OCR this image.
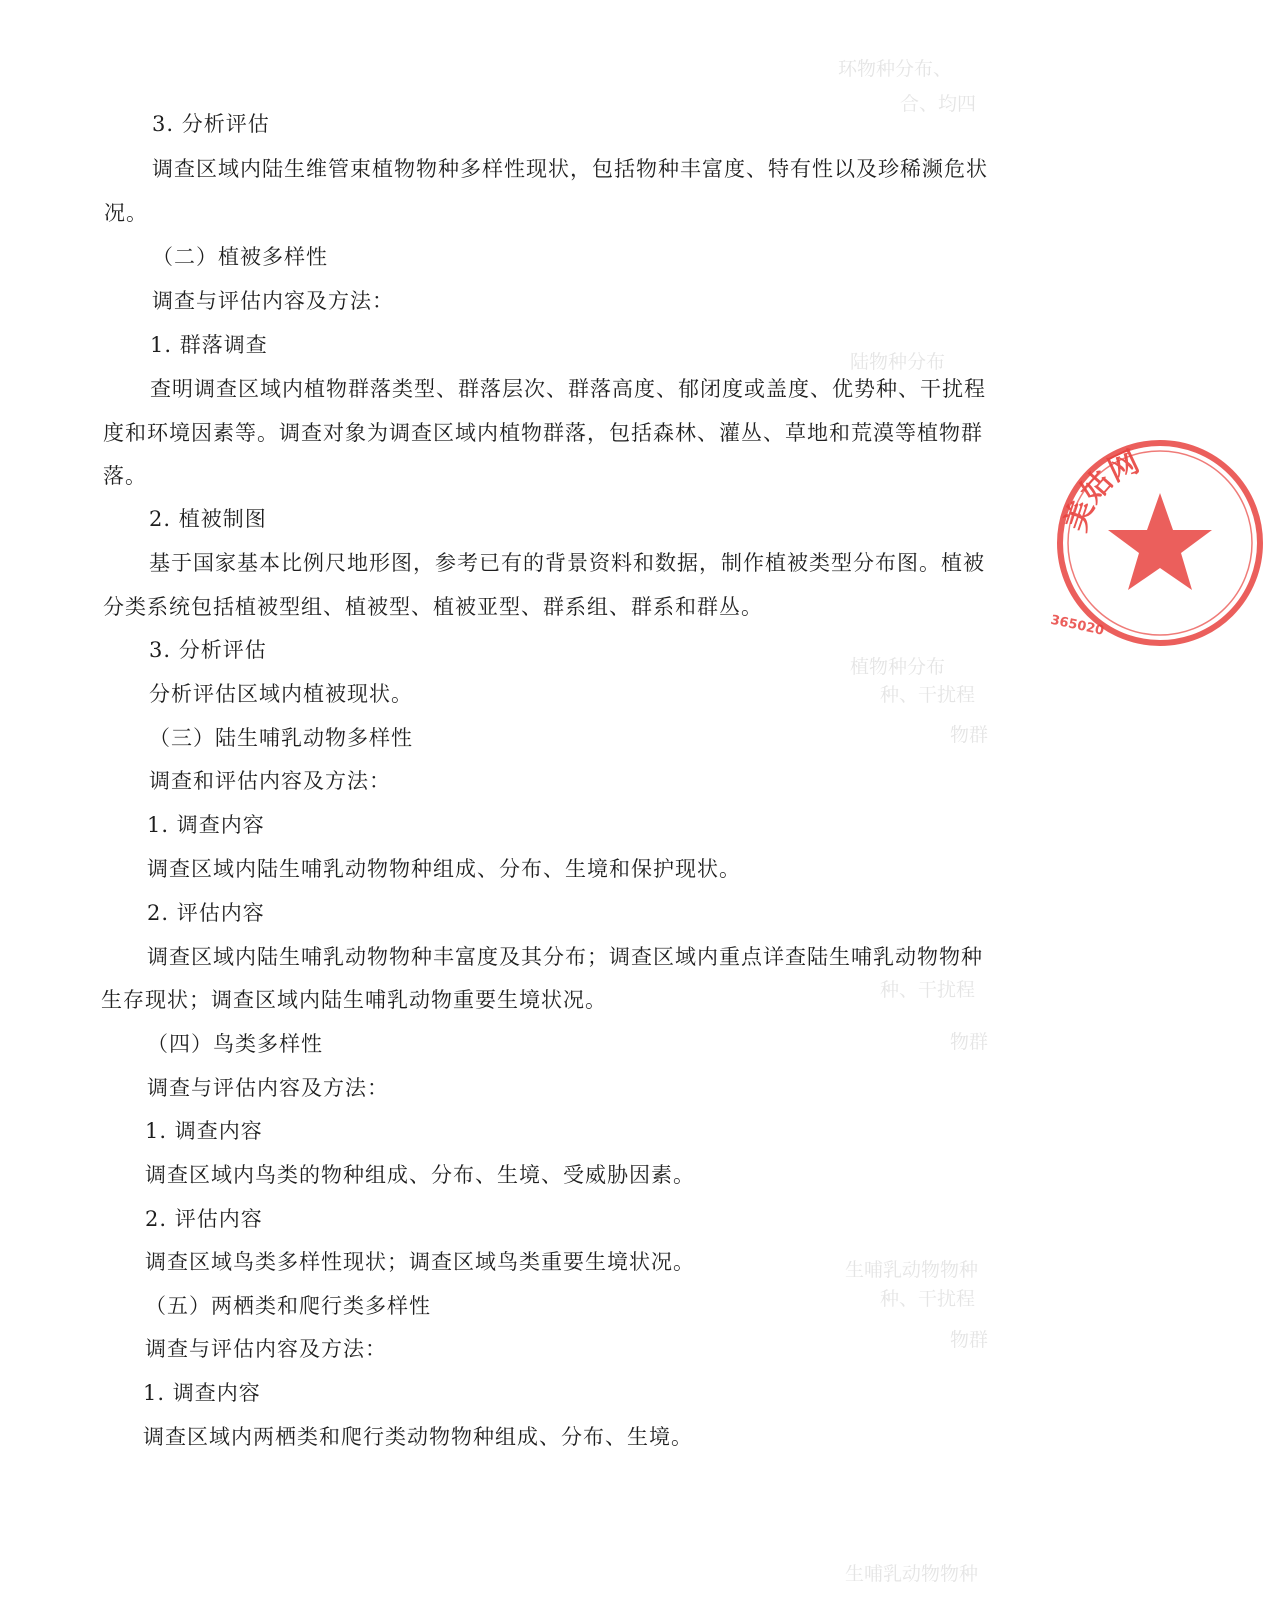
环物种分布、
合、均四
陆物种分布
植物种分布
种、干扰程
物群
种、干扰程
物群
生哺乳动物物种
种、干扰程
物群
生哺乳动物物种
3. 分析评估
调查区域内陆生维管束植物物种多样性现状，包括物种丰富度、特有性以及珍稀濒危状
况。
（二）植被多样性
调查与评估内容及方法：
1. 群落调查
查明调查区域内植物群落类型、群落层次、群落高度、郁闭度或盖度、优势种、干扰程
度和环境因素等。调查对象为调查区域内植物群落，包括森林、灌丛、草地和荒漠等植物群
落。
2. 植被制图
基于国家基本比例尺地形图，参考已有的背景资料和数据，制作植被类型分布图。植被
分类系统包括植被型组、植被型、植被亚型、群系组、群系和群丛。
3. 分析评估
分析评估区域内植被现状。
（三）陆生哺乳动物多样性
调查和评估内容及方法：
1. 调查内容
调查区域内陆生哺乳动物物种组成、分布、生境和保护现状。
2. 评估内容
调查区域内陆生哺乳动物物种丰富度及其分布；调查区域内重点详查陆生哺乳动物物种
生存现状；调查区域内陆生哺乳动物重要生境状况。
（四）鸟类多样性
调查与评估内容及方法：
1. 调查内容
调查区域内鸟类的物种组成、分布、生境、受威胁因素。
2. 评估内容
调查区域鸟类多样性现状；调查区域鸟类重要生境状况。
（五）两栖类和爬行类多样性
调查与评估内容及方法：
1. 调查内容
调查区域内两栖类和爬行类动物物种组成、分布、生境。
美姑网
365020
